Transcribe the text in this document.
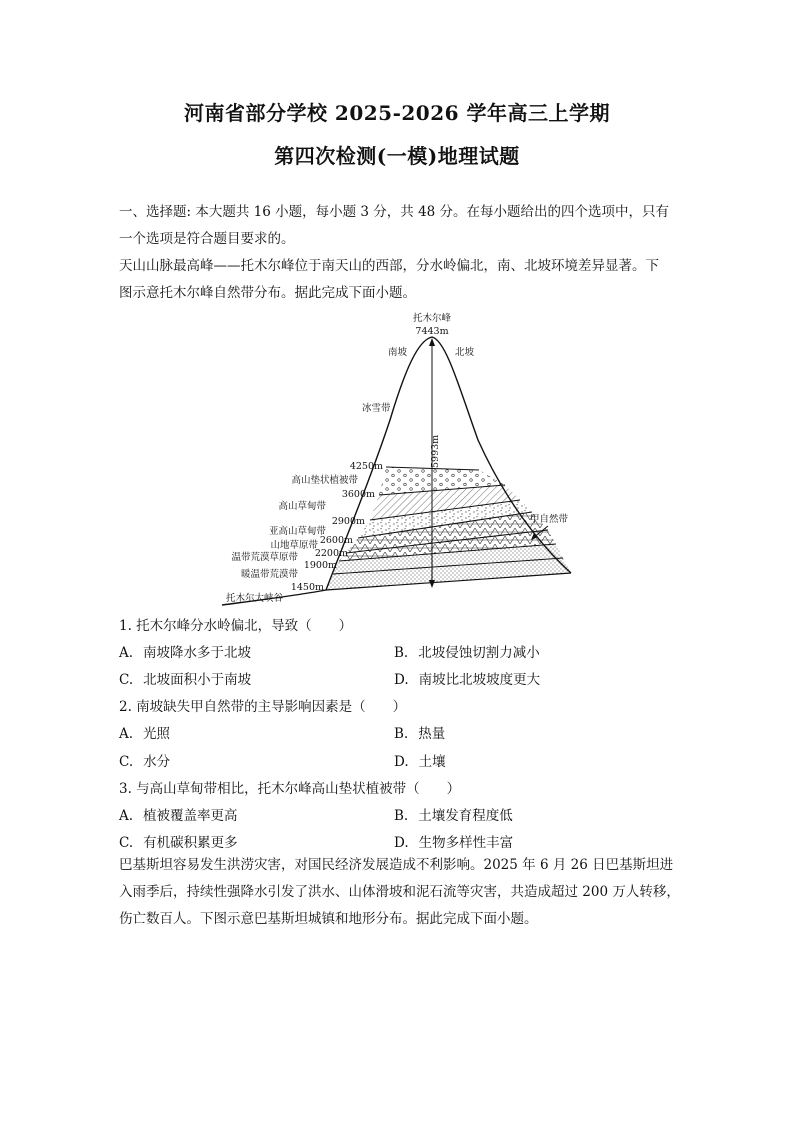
河南省部分学校 2025-2026 学年高三上学期
第四次检测(一模)地理试题
一、选择题: 本大题共 16 小题，每小题 3 分，共 48 分。在每小题给出的四个选项中，只有
一个选项是符合题目要求的。
天山山脉最高峰——托木尔峰位于南天山的西部，分水岭偏北，南、北坡环境差异显著。下
图示意托木尔峰自然带分布。据此完成下面小题。
托木尔峰
7443m
南坡	北坡
冰雪带
5993m
4250m
高山垫状植被带
3600m
高山草甸带
2900m
亚高山草甸带
2600m
山地草原带
2200m
温带荒漠草原带
1900m
暖温带荒漠带
1450m
托木尔大峡谷
甲自然带
1. 托木尔峰分水岭偏北，导致（　　）
A. 南坡降水多于北坡	B. 北坡侵蚀切割力减小
C. 北坡面积小于南坡	D. 南坡比北坡坡度更大
2. 南坡缺失甲自然带的主导影响因素是（　　）
A. 光照	B. 热量
C. 水分	D. 土壤
3. 与高山草甸带相比，托木尔峰高山垫状植被带（　　）
A. 植被覆盖率更高	B. 土壤发育程度低
C. 有机碳积累更多	D. 生物多样性丰富
巴基斯坦容易发生洪涝灾害，对国民经济发展造成不利影响。2025 年 6 月 26 日巴基斯坦进
入雨季后，持续性强降水引发了洪水、山体滑坡和泥石流等灾害，共造成超过 200 万人转移，
伤亡数百人。下图示意巴基斯坦城镇和地形分布。据此完成下面小题。
